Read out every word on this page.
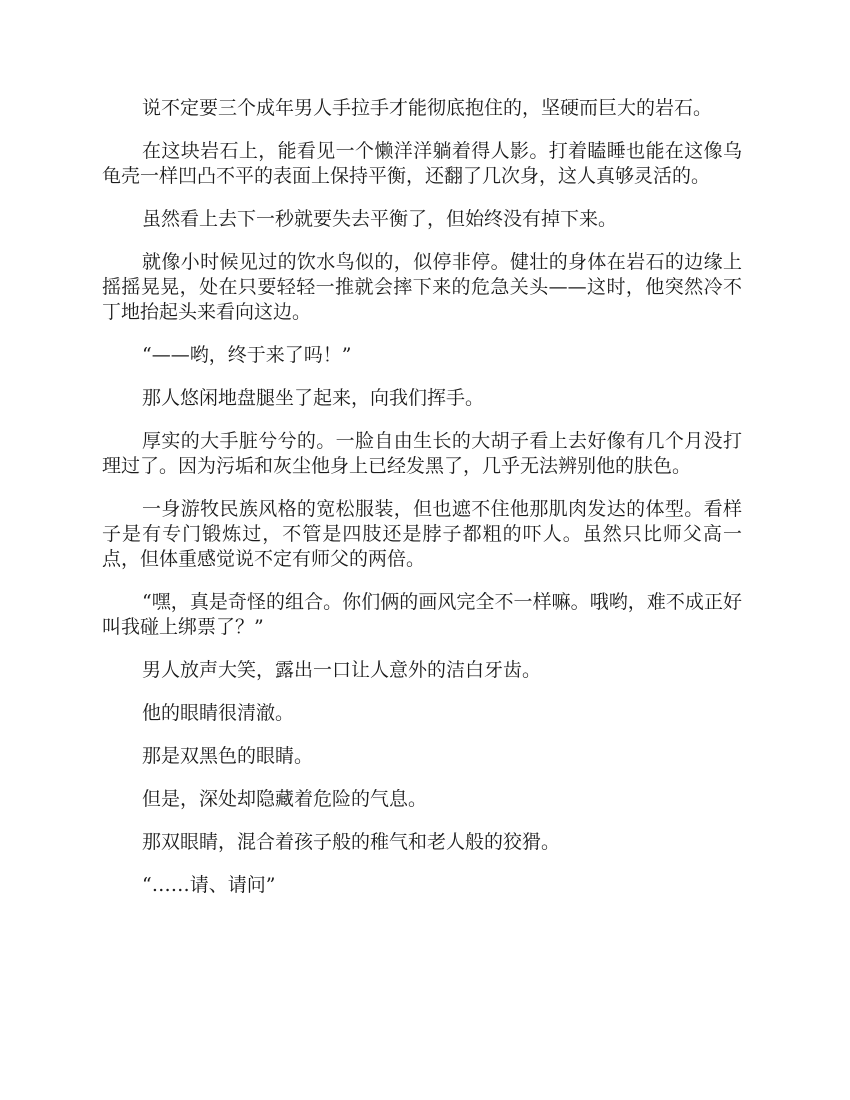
说不定要三个成年男人手拉手才能彻底抱住的，坚硬而巨大的岩石。

在这块岩石上，能看见一个懒洋洋躺着得人影。打着瞌睡也能在这像乌龟壳一样凹凸不平的表面上保持平衡，还翻了几次身，这人真够灵活的。

虽然看上去下一秒就要失去平衡了，但始终没有掉下来。

就像小时候见过的饮水鸟似的，似停非停。健壮的身体在岩石的边缘上摇摇晃晃，处在只要轻轻一推就会摔下来的危急关头——这时，他突然冷不丁地抬起头来看向这边。

“——哟，终于来了吗！”

那人悠闲地盘腿坐了起来，向我们挥手。

厚实的大手脏兮兮的。一脸自由生长的大胡子看上去好像有几个月没打理过了。因为污垢和灰尘他身上已经发黑了，几乎无法辨别他的肤色。

一身游牧民族风格的宽松服装，但也遮不住他那肌肉发达的体型。看样子是有专门锻炼过，不管是四肢还是脖子都粗的吓人。虽然只比师父高一点，但体重感觉说不定有师父的两倍。

“嘿，真是奇怪的组合。你们俩的画风完全不一样嘛。哦哟，难不成正好叫我碰上绑票了？”

男人放声大笑，露出一口让人意外的洁白牙齿。

他的眼睛很清澈。

那是双黑色的眼睛。

但是，深处却隐藏着危险的气息。

那双眼睛，混合着孩子般的稚气和老人般的狡猾。

“……请、请问”
